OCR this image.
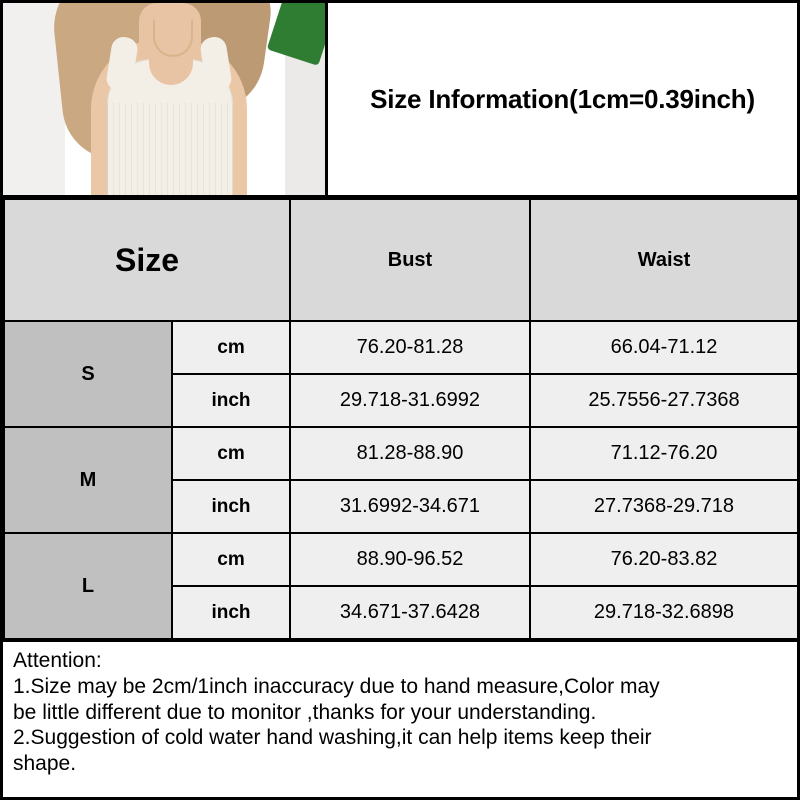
Size Information(1cm=0.39inch)
Size		Bust	Waist
S	cm	76.20-81.28	66.04-71.12
	inch	29.718-31.6992	25.7556-27.7368
M	cm	81.28-88.90	71.12-76.20
	inch	31.6992-34.671	27.7368-29.718
L	cm	88.90-96.52	76.20-83.82
	inch	34.671-37.6428	29.718-32.6898
Attention:
1.Size may be 2cm/1inch inaccuracy due to hand measure,Color may
be little different due to monitor ,thanks for your understanding.
2.Suggestion of cold water hand washing,it can help items keep their
shape.
